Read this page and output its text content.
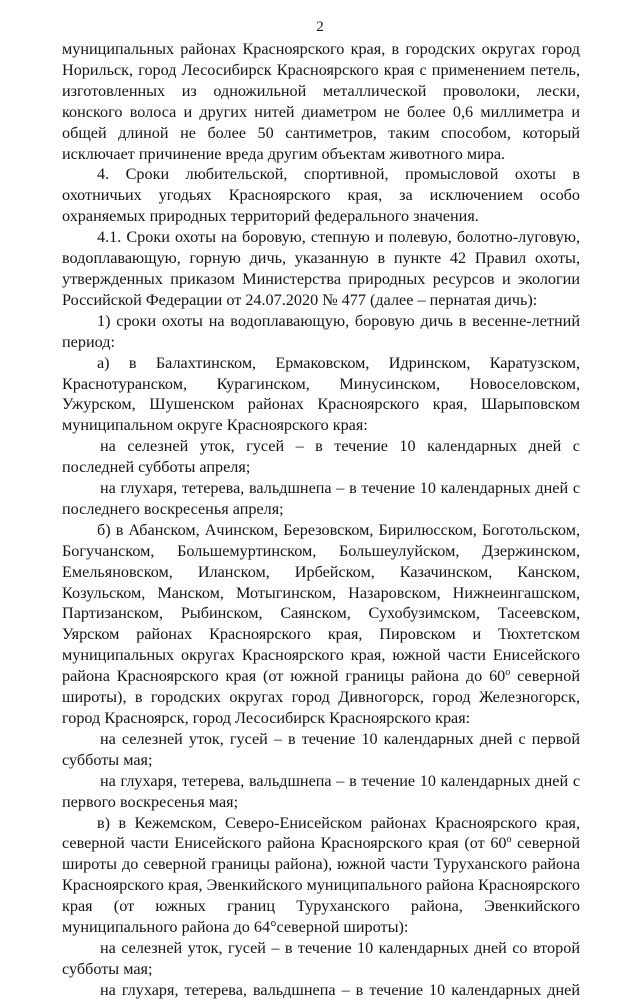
2

муниципальных районах Красноярского края, в городских округах город Норильск, город Лесосибирск Красноярского края с применением петель, изготовленных из одножильной металлической проволоки, лески, конского волоса и других нитей диаметром не более 0,6 миллиметра и общей длиной не более 50 сантиметров, таким способом, который исключает причинение вреда другим объектам животного мира.

4. Сроки любительской, спортивной, промысловой охоты в охотничьих угодьях Красноярского края, за исключением особо охраняемых природных территорий федерального значения.

4.1. Сроки охоты на боровую, степную и полевую, болотно-луговую, водоплавающую, горную дичь, указанную в пункте 42 Правил охоты, утвержденных приказом Министерства природных ресурсов и экологии Российской Федерации от 24.07.2020 № 477 (далее – пернатая дичь):

1) сроки охоты на водоплавающую, боровую дичь в весенне-летний период:

а) в Балахтинском, Ермаковском, Идринском, Каратузском, Краснотуранском, Курагинском, Минусинском, Новоселовском, Ужурском, Шушенском районах Красноярского края, Шарыповском муниципальном округе Красноярского края:

на селезней уток, гусей – в течение 10 календарных дней с последней субботы апреля;

на глухаря, тетерева, вальдшнепа – в течение 10 календарных дней с последнего воскресенья апреля;

б) в Абанском, Ачинском, Березовском, Бирилюсском, Боготольском, Богучанском, Большемуртинском, Большеулуйском, Дзержинском, Емельяновском, Иланском, Ирбейском, Казачинском, Канском, Козульском, Манском, Мотыгинском, Назаровском, Нижнеингашском, Партизанском, Рыбинском, Саянском, Сухобузимском, Тасеевском, Уярском районах Красноярского края, Пировском и Тюхтетском муниципальных округах Красноярского края, южной части Енисейского района Красноярского края (от южной границы района до 60$^o$ северной широты), в городских округах город Дивногорск, город Железногорск, город Красноярск, город Лесосибирск Красноярского края:

на селезней уток, гусей – в течение 10 календарных дней с первой субботы мая;

на глухаря, тетерева, вальдшнепа – в течение 10 календарных дней с первого воскресенья мая;

в) в Кежемском, Северо-Енисейском районах Красноярского края, северной части Енисейского района Красноярского края (от 60$^o$ северной широты до северной границы района), южной части Туруханского района Красноярского края, Эвенкийского муниципального района Красноярского края (от южных границ Туруханского района, Эвенкийского муниципального района до 64°северной широты):

на селезней уток, гусей – в течение 10 календарных дней со второй субботы мая;

на глухаря, тетерева, вальдшнепа – в течение 10 календарных дней
